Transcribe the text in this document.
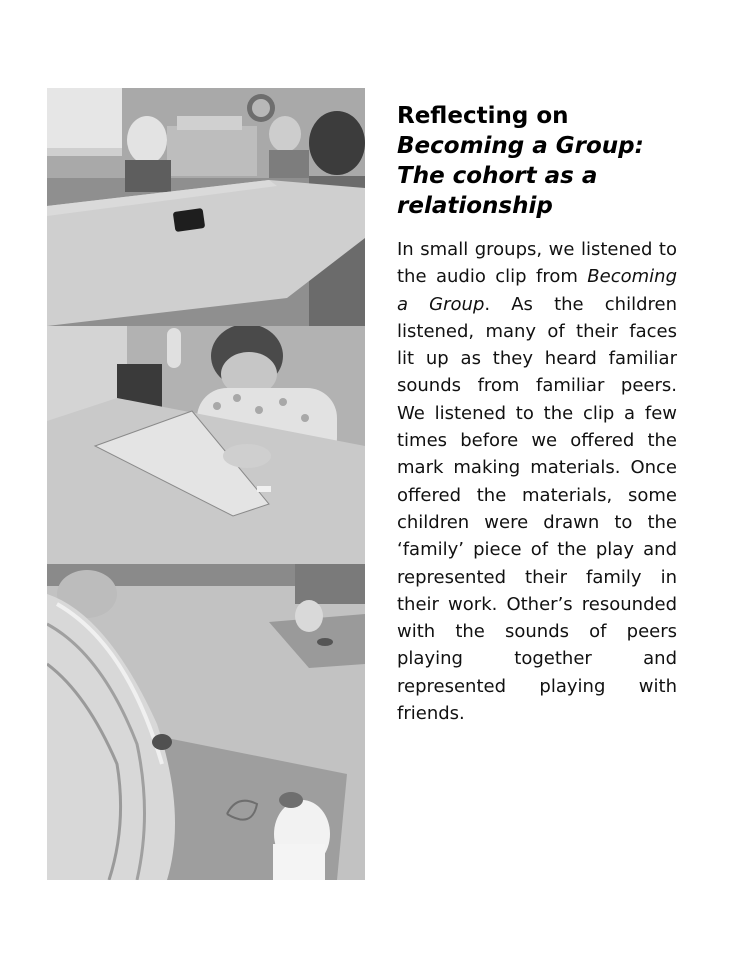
Reflecting on
Becoming a Group:
The cohort as a
relationship

In small groups, we listened to the audio clip from Becoming a Group. As the children listened, many of their faces lit up as they heard familiar sounds from familiar peers. We listened to the clip a few times before we offered the mark making materials. Once offered the materials, some children were drawn to the ‘family’ piece of the play and represented their family in their work. Other’s resounded with the sounds of peers playing together and represented playing with friends.
